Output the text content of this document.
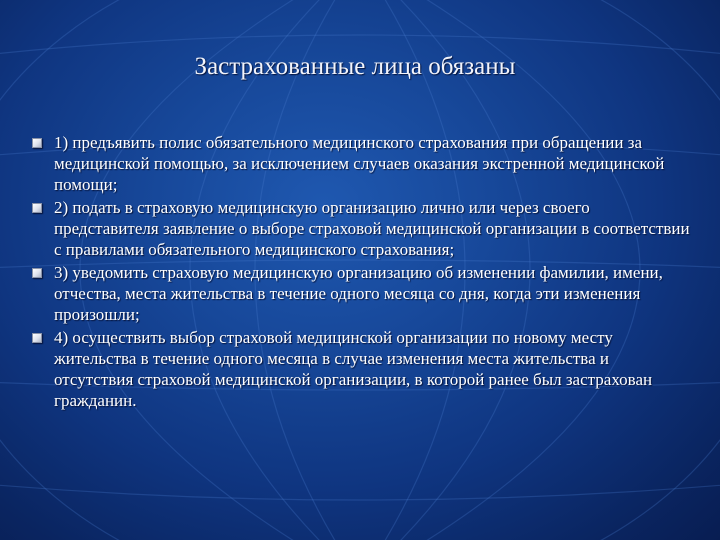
Застрахованные лица обязаны
1) предъявить полис обязательного медицинского страхования при обращении за медицинской помощью, за исключением случаев оказания экстренной медицинской помощи;
2) подать в страховую медицинскую организацию лично или через своего представителя заявление о выборе страховой медицинской организации в соответствии с правилами обязательного медицинского страхования;
3) уведомить страховую медицинскую организацию об изменении фамилии, имени, отчества, места жительства в течение одного месяца со дня, когда эти изменения произошли;
4) осуществить выбор страховой медицинской организации по новому месту жительства в течение одного месяца в случае изменения места жительства и отсутствия страховой медицинской организации, в которой ранее был застрахован гражданин.
